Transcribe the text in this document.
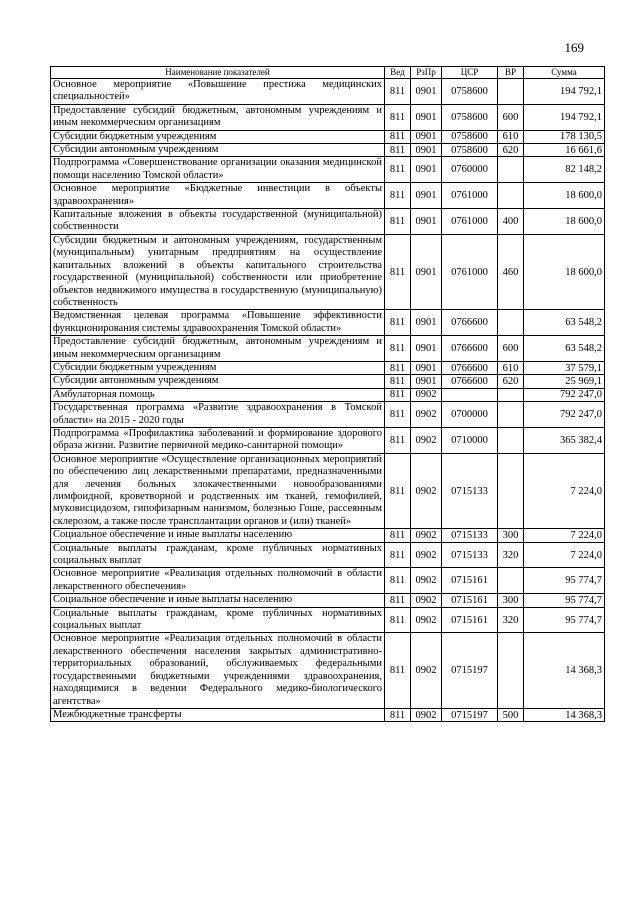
169
Наименование показателей	Вед	РзПр	ЦСР	ВР	Сумма
Основное мероприятие «Повышение престижа медицинских специальностей»	811	0901	0758600		194 792,1
Предоставление субсидий бюджетным, автономным учреждениям и иным некоммерческим организациям	811	0901	0758600	600	194 792,1
Субсидии бюджетным учреждениям	811	0901	0758600	610	178 130,5
Субсидии автономным учреждениям	811	0901	0758600	620	16 661,6
Подпрограмма «Совершенствование организации оказания медицинской помощи населению Томской области»	811	0901	0760000		82 148,2
Основное мероприятие «Бюджетные инвестиции в объекты здравоохранения»	811	0901	0761000		18 600,0
Капитальные вложения в объекты государственной (муниципальной) собственности	811	0901	0761000	400	18 600,0
Субсидии бюджетным и автономным учреждениям, государственным (муниципальным) унитарным предприятиям на осуществление капитальных вложений в объекты капитального строительства государственной (муниципальной) собственности или приобретение объектов недвижимого имущества в государственную (муниципальную) собственность	811	0901	0761000	460	18 600,0
Ведомственная целевая программа «Повышение эффективности функционирования системы здравоохранения Томской области»	811	0901	0766600		63 548,2
Предоставление субсидий бюджетным, автономным учреждениям и иным некоммерческим организациям	811	0901	0766600	600	63 548,2
Субсидии бюджетным учреждениям	811	0901	0766600	610	37 579,1
Субсидии автономным учреждениям	811	0901	0766600	620	25 969,1
Амбулаторная помощь	811	0902			792 247,0
Государственная программа «Развитие здравоохранения в Томской области» на 2015 - 2020 годы	811	0902	0700000		792 247,0
Подпрограмма «Профилактика заболеваний и формирование здорового образа жизни. Развитие первичной медико-санитарной помощи»	811	0902	0710000		365 382,4
Основное мероприятие «Осуществление организационных мероприятий по обеспечению лиц лекарственными препаратами, предназначенными для лечения больных злокачественными новообразованиями лимфоидной, кроветворной и родственных им тканей, гемофилией, муковисцидозом, гипофизарным нанизмом, болезнью Гоше, рассеянным склерозом, а также после трансплантации органов и (или) тканей»	811	0902	0715133		7 224,0
Социальное обеспечение и иные выплаты населению	811	0902	0715133	300	7 224,0
Социальные выплаты гражданам, кроме публичных нормативных социальных выплат	811	0902	0715133	320	7 224,0
Основное мероприятие «Реализация отдельных полномочий в области лекарственного обеспечения»	811	0902	0715161		95 774,7
Социальное обеспечение и иные выплаты населению	811	0902	0715161	300	95 774,7
Социальные выплаты гражданам, кроме публичных нормативных социальных выплат	811	0902	0715161	320	95 774,7
Основное мероприятие «Реализация отдельных полномочий в области лекарственного обеспечения населения закрытых административно-территориальных образований, обслуживаемых федеральными государственными бюджетными учреждениями здравоохранения, находящимися в ведении Федерального медико-биологического агентства»	811	0902	0715197		14 368,3
Межбюджетные трансферты	811	0902	0715197	500	14 368,3
